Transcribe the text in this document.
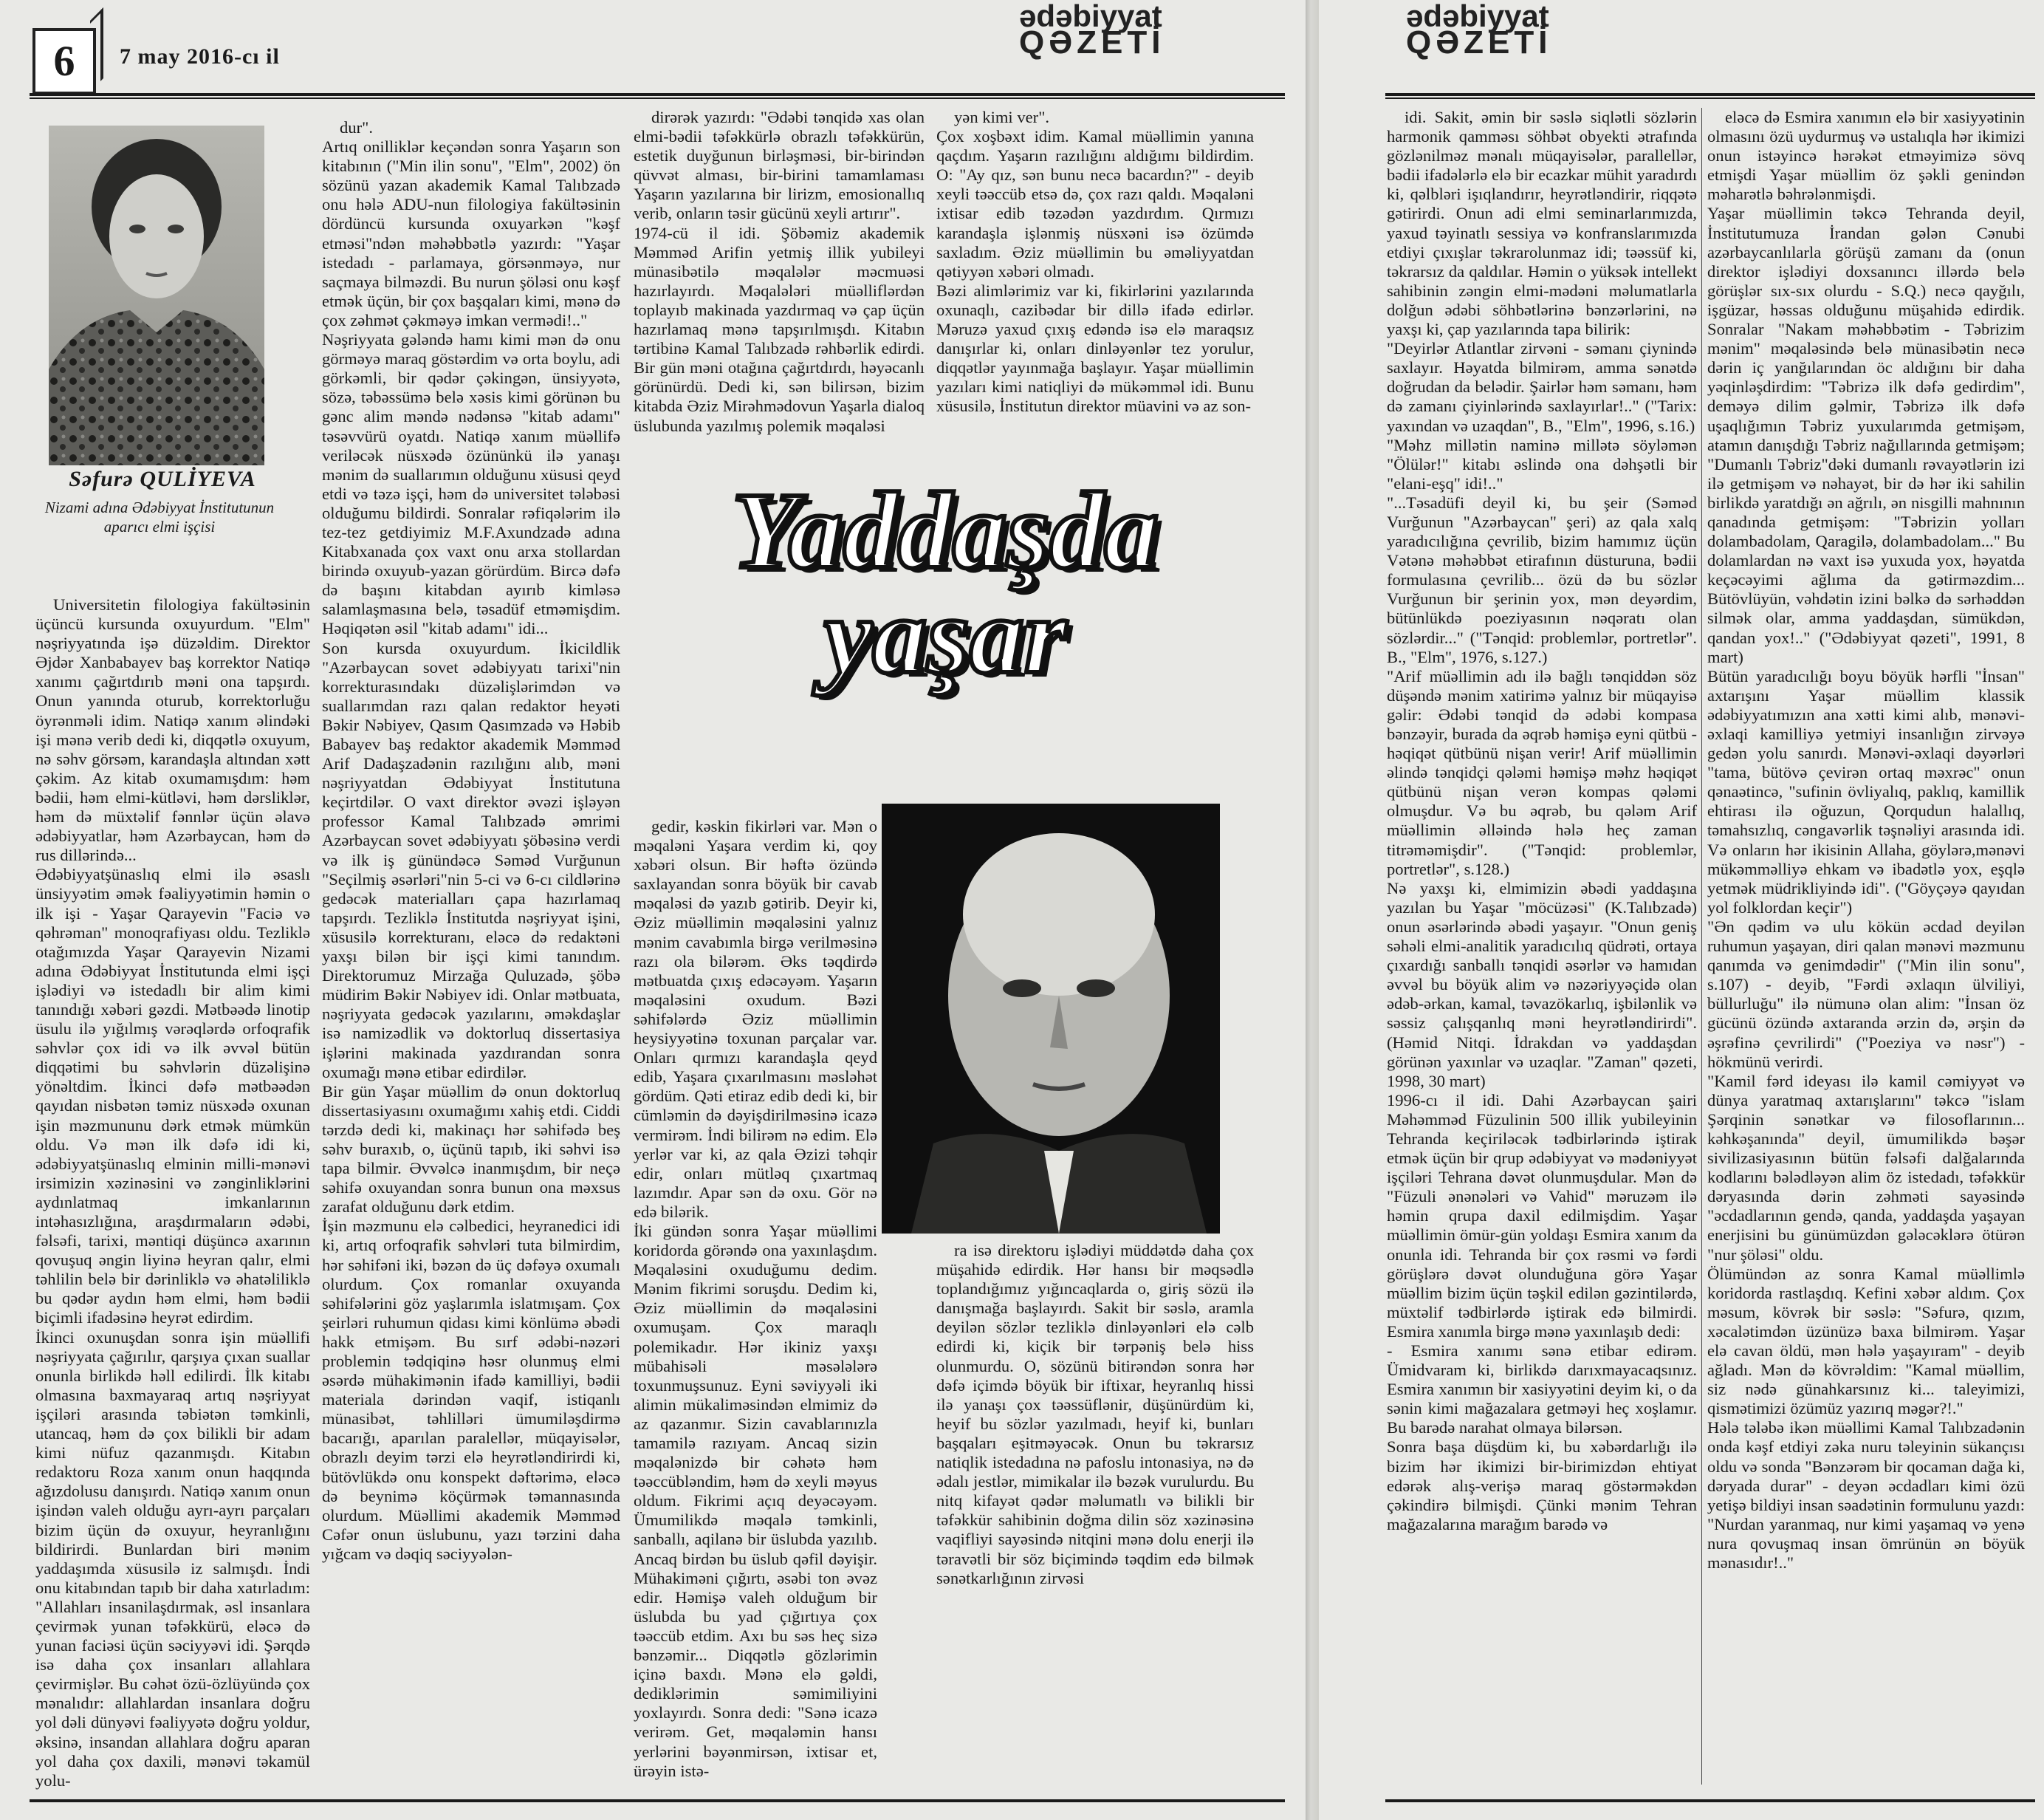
6	7 may 2016-cı il
ədəbiyyat
QƏZETİ
Səfurə QULİYEVA
Nizami adına Ədəbiyyat İnstitutunun
aparıcı elmi işçisi

Universitetin filologiya fakültəsinin üçüncü kursunda oxuyurdum. "Elm" nəşriyyatında işə düzəldim. Direktor Əjdər Xanbabayev baş korrektor Natiqə xanımı çağırtdırıb məni ona tapşırdı. Onun yanında oturub, korrektorluğu öyrənməli idim. Natiqə xanım əlindəki işi mənə verib dedi ki, diqqətlə oxuyum, nə səhv görsəm, karandaşla altından xətt çəkim. Az kitab oxumamışdım: həm bədii, həm elmi-kütləvi, həm dərsliklər, həm də müxtəlif fənnlər üçün əlavə ədəbiyyatlar, həm Azərbaycan, həm də rus dillərində...
Ədəbiyyatşünaslıq elmi ilə əsaslı ünsiyyətim əmək fəaliyyətimin həmin o ilk işi - Yaşar Qarayevin "Faciə və qəhrəman" monoqrafiyası oldu. Tezliklə otağımızda Yaşar Qarayevin Nizami adına Ədəbiyyat İnstitutunda elmi işçi işlədiyi və istedadlı bir alim kimi tanındığı xəbəri gəzdi. Mətbəədə linotip üsulu ilə yığılmış vərəqlərdə orfoqrafik səhvlər çox idi və ilk əvvəl bütün diqqətimi bu səhvlərin düzəlişinə yönəltdim. İkinci dəfə mətbəədən qayıdan nisbətən təmiz nüsxədə oxunan işin məzmununu dərk etmək mümkün oldu. Və mən ilk dəfə idi ki, ədəbiyyatşünaslıq elminin milli-mənəvi irsimizin xəzinəsini və zənginliklərini aydınlatmaq imkanlarının intəhasızlığına, araşdırmaların ədəbi, fəlsəfi, tarixi, məntiqi düşüncə axarının qovuşuq əngin liyinə heyran qalır, elmi təhlilin belə bir dərinliklə və əhatəliliklə bu qədər aydın həm elmi, həm bədii biçimli ifadəsinə heyrət edirdim.
İkinci oxunuşdan sonra işin müəllifi nəşriyyata çağırılır, qarşıya çıxan suallar onunla birlikdə həll edilirdi. İlk kitabı olmasına baxmayaraq artıq nəşriyyat işçiləri arasında təbiətən təmkinli, utancaq, həm də çox bilikli bir adam kimi nüfuz qazanmışdı. Kitabın redaktoru Roza xanım onun haqqında ağızdolusu danışırdı. Natiqə xanım onun işindən valeh olduğu ayrı-ayrı parçaları bizim üçün də oxuyur, heyranlığını bildirirdi. Bunlardan biri mənim yaddaşımda xüsusilə iz salmışdı. İndi onu kitabından tapıb bir daha xatırladım: "Allahları insanilaşdırmak, əsl insanlara çevirmək yunan təfəkkürü, eləcə də yunan faciəsi üçün səciyyəvi idi. Şərqdə isə daha çox insanları allahlara çevirmişlər. Bu cəhət özü-özlüyündə çox mənalıdır: allahlardan insanlara doğru yol dəli dünyəvi fəaliyyətə doğru yoldur, əksinə, insandan allahlara doğru aparan yol daha çox daxili, mənəvi təkamül yolu-

dur".
Artıq onilliklər keçəndən sonra Yaşarın son kitabının ("Min ilin sonu", "Elm", 2002) ön sözünü yazan akademik Kamal Talıbzadə onu hələ ADU-nun filologiya fakültəsinin dördüncü kursunda oxuyarkən "kəşf etməsi"ndən məhəbbətlə yazırdı: "Yaşar istedadı - parlamaya, görsənməyə, nur saçmaya bilməzdi. Bu nurun şöləsi onu kəşf etmək üçün, bir çox başqaları kimi, mənə də çox zəhmət çəkməyə imkan vermədi!.."
Nəşriyyata gələndə hamı kimi mən də onu görməyə maraq göstərdim və orta boylu, adi görkəmli, bir qədər çəkingən, ünsiyyətə, sözə, təbəssümə belə xəsis kimi görünən bu gənc alim məndə nədənsə "kitab adamı" təsəvvürü oyatdı. Natiqə xanım müəllifə veriləcək nüsxədə özününkü ilə yanaşı mənim də suallarımın olduğunu xüsusi qeyd etdi və təzə işçi, həm də universitet tələbəsi olduğumu bildirdi. Sonralar rəfiqələrim ilə tez-tez getdiyimiz M.F.Axundzadə adına Kitabxanada çox vaxt onu arxa stollardan birində oxuyub-yazan görürdüm. Bircə dəfə də başını kitabdan ayırıb kimləsə salamlaşmasına belə, təsadüf etməmişdim. Həqiqətən əsil "kitab adamı" idi...
Son kursda oxuyurdum. İkicildlik "Azərbaycan sovet ədəbiyyatı tarixi"nin korrekturasındakı düzəlişlərimdən və suallarımdan razı qalan redaktor heyəti Bəkir Nəbiyev, Qasım Qasımzadə və Həbib Babayev baş redaktor akademik Məmməd Arif Dadaşzadənin razılığını alıb, məni nəşriyyatdan Ədəbiyyat İnstitutuna keçirtdilər. O vaxt direktor əvəzi işləyən professor Kamal Talıbzadə əmrimi Azərbaycan sovet ədəbiyyatı şöbəsinə verdi və ilk iş günündəcə Səməd Vurğunun "Seçilmiş əsərləri"nin 5-ci və 6-cı cildlərinə gedəcək materialları çapa hazırlamaq tapşırdı. Tezliklə İnstitutda nəşriyyat işini, xüsusilə korrekturanı, eləcə də redaktəni yaxşı bilən bir işçi kimi tanındım. Direktorumuz Mirzağa Quluzadə, şöbə müdirim Bəkir Nəbiyev idi. Onlar mətbuata, nəşriyyata gedəcək yazılarını, əməkdaşlar isə namizədlik və doktorluq dissertasiya işlərini makinada yazdırandan sonra oxumağı mənə etibar edirdilər.
Bir gün Yaşar müəllim də onun doktorluq dissertasiyasını oxumağımı xahiş etdi. Ciddi tərzdə dedi ki, makinaçı hər səhifədə beş səhv buraxıb, o, üçünü tapıb, iki səhvi isə tapa bilmir. Əvvəlcə inanmışdım, bir neçə səhifə oxuyandan sonra bunun ona məxsus zarafat olduğunu dərk etdim.
İşin məzmunu elə cəlbedici, heyranedici idi ki, artıq orfoqrafik səhvləri tuta bilmirdim, hər səhifəni iki, bəzən də üç dəfəyə oxumalı olurdum. Çox romanlar oxuyanda səhifələrini göz yaşlarımla islatmışam. Çox şeirləri ruhumun qidası kimi könlümə əbədi hakk etmişəm. Bu sırf ədəbi-nəzəri problemin tədqiqinə həsr olunmuş elmi əsərdə mühakimənin ifadə kamilliyi, bədii materiala dərindən vaqif, istiqanlı münasibət, təhlilləri ümumiləşdirmə bacarığı, aparılan paralellər, müqayisələr, obrazlı deyim tərzi elə heyrətləndirirdi ki, bütövlükdə onu konspekt dəftərimə, eləcə də beynimə köçürmək təmannasında olurdum. Müəllimi akademik Məmməd Cəfər onun üslubunu, yazı tərzini daha yığcam və dəqiq səciyyələn-

dirərək yazırdı: "Ədəbi tənqidə xas olan elmi-bədii təfəkkürlə obrazlı təfəkkürün, estetik duyğunun birləşməsi, bir-birindən qüvvət alması, bir-birini tamamlaması Yaşarın yazılarına bir lirizm, emosionallıq verib, onların təsir gücünü xeyli artırır".
1974-cü il idi. Şöbəmiz akademik Məmməd Arifin yetmiş illik yubileyi münasibətilə məqalələr məcmuəsi hazırlayırdı. Məqalələri müəlliflərdən toplayıb makinada yazdırmaq və çap üçün hazırlamaq mənə tapşırılmışdı. Kitabın tərtibinə Kamal Talıbzadə rəhbərlik edirdi. Bir gün məni otağına çağırtdırdı, həyəcanlı görünürdü. Dedi ki, sən bilirsən, bizim kitabda Əziz Mirəhmədovun Yaşarla dialoq üslubunda yazılmış polemik məqaləsi

yən kimi ver".
Çox xoşbəxt idim. Kamal müəllimin yanına qaçdım. Yaşarın razılığını aldığımı bildirdim. O: "Ay qız, sən bunu necə bacardın?" - deyib xeyli təəccüb etsə də, çox razı qaldı. Məqaləni ixtisar edib təzədən yazdırdım. Qırmızı karandaşla işlənmiş nüsxəni isə özümdə saxladım. Əziz müəllimin bu əməliyyatdan qətiyyən xəbəri olmadı.
Bəzi alimlərimiz var ki, fikirlərini yazılarında oxunaqlı, cazibədar bir dillə ifadə edirlər. Məruzə yaxud çıxış edəndə isə elə maraqsız danışırlar ki, onları dinləyənlər tez yorulur, diqqətlər yayınmağa başlayır. Yaşar müəllimin yazıları kimi natiqliyi də mükəmməl idi. Bunu xüsusilə, İnstitutun direktor müavini və az son-

Yaddaşda
yaşar

gedir, kəskin fikirləri var. Mən o məqaləni Yaşara verdim ki, qoy xəbəri olsun. Bir həftə özündə saxlayandan sonra böyük bir cavab məqaləsi də yazıb gətirib. Deyir ki, Əziz müəllimin məqaləsini yalnız mənim cavabımla birgə verilməsinə razı ola bilərəm. Əks təqdirdə mətbuatda çıxış edəcəyəm. Yaşarın məqaləsini oxudum. Bəzi səhifələrdə Əziz müəllimin heysiyyətinə toxunan parçalar var. Onları qırmızı karandaşla qeyd edib, Yaşara çıxarılmasını məsləhət gördüm. Qəti etiraz edib dedi ki, bir cümləmin də dəyişdirilməsinə icazə vermirəm. İndi bilirəm nə edim. Elə yerlər var ki, az qala Əzizi təhqir edir, onları mütləq çıxartmaq lazımdır. Apar sən də oxu. Gör nə edə bilərik.
İki gündən sonra Yaşar müəllimi koridorda görəndə ona yaxınlaşdım. Məqaləsini oxuduğumu dedim. Mənim fikrimi soruşdu. Dedim ki, Əziz müəllimin də məqaləsini oxumuşam. Çox maraqlı polemikadır. Hər ikiniz yaxşı mübahisəli məsələlərə toxunmuşsunuz. Eyni səviyyəli iki alimin mükaliməsindən elmimiz də az qazanmır. Sizin cavablarınızla tamamilə razıyam. Ancaq sizin məqalənizdə bir cəhətə həm təəccübləndim, həm də xeyli məyus oldum. Fikrimi açıq deyəcəyəm. Ümumilikdə məqalə təmkinli, sanballı, aqilanə bir üslubda yazılıb. Ancaq birdən bu üslub qəfil dəyişir. Mühakiməni çığırtı, əsəbi ton əvəz edir. Həmişə valeh olduğum bir üslubda bu yad çığırtıya çox təəccüb etdim. Axı bu səs heç sizə bənzəmir... Diqqətlə gözlərimin içinə baxdı. Mənə elə gəldi, dediklərimin səmimiliyini yoxlayırdı. Sonra dedi: "Sənə icazə verirəm. Get, məqaləmin hansı yerlərini bəyənmirsən, ixtisar et, ürəyin istə-

ra isə direktoru işlədiyi müddətdə daha çox müşahidə edirdik. Hər hansı bir məqsədlə toplandığımız yığıncaqlarda o, giriş sözü ilə danışmağa başlayırdı. Sakit bir səslə, aramla deyilən sözlər tezliklə dinləyənləri elə cəlb edirdi ki, kiçik bir tərpəniş belə hiss olunmurdu. O, sözünü bitirəndən sonra hər dəfə içimdə böyük bir iftixar, heyranlıq hissi ilə yanaşı çox təəssüflənir, düşünürdüm ki, heyif bu sözlər yazılmadı, heyif ki, bunları başqaları eşitməyəcək. Onun bu təkrarsız natiqlik istedadına nə pafoslu intonasiya, nə də ədalı jestlər, mimikalar ilə bəzək vurulurdu. Bu nitq kifayət qədər məlumatlı və bilikli bir təfəkkür sahibinin doğma dilin söz xəzinəsinə vaqifliyi sayəsində nitqini mənə dolu enerji ilə təravətli bir söz biçimində təqdim edə bilmək sənətkarlığının zirvəsi

ədəbiyyat
QƏZETİ

idi. Sakit, əmin bir səslə siqlətli sözlərin harmonik qamməsı söhbət obyekti ətrafında gözlənilməz mənalı müqayisələr, parallellər, bədii ifadələrlə elə bir ecazkar mühit yaradırdı ki, qəlbləri işıqlandırır, heyrətləndirir, riqqətə gətirirdi. Onun adi elmi seminarlarımızda, yaxud təyinatlı sessiya və konfranslarımızda etdiyi çıxışlar təkrarolunmaz idi; təəssüf ki, təkrarsız da qaldılar. Həmin o yüksək intellekt sahibinin zəngin elmi-mədəni məlumatlarla dolğun ədəbi söhbətlərinə bənzərlərini, nə yaxşı ki, çap yazılarında tapa bilirik:
"Deyirlər Atlantlar zirvəni - səmanı çiynində saxlayır. Həyatda bilmirəm, amma sənətdə doğrudan da belədir. Şairlər həm səmanı, həm də zamanı çiyinlərində saxlayırlar!.." ("Tarix: yaxından və uzaqdan", B., "Elm", 1996, s.16.)
"Məhz millətin naminə millətə söyləmən "Ölülər!" kitabı əslində ona dəhşətli bir "elani-eşq" idi!.."
"...Təsadüfi deyil ki, bu şeir (Səməd Vurğunun "Azərbaycan" şeri) az qala xalq yaradıcılığına çevrilib, bizim hamımız üçün Vətənə məhəbbət etirafının düsturuna, bədii formulasına çevrilib... özü də bu sözlər Vurğunun bir şerinin yox, mən deyərdim, bütünlükdə poeziyasının nəqəratı olan sözlərdir..." ("Tənqid: problemlər, portretlər". B., "Elm", 1976, s.127.)
"Arif müəllimin adı ilə bağlı tənqiddən söz düşəndə mənim xatirimə yalnız bir müqayisə gəlir: Ədəbi tənqid də ədəbi kompasa bənzəyir, burada da əqrəb həmişə eyni qütbü - həqiqət qütbünü nişan verir! Arif müəllimin əlində tənqidçi qələmi həmişə məhz həqiqət qütbünü nişan verən kompas qələmi olmuşdur. Və bu əqrəb, bu qələm Arif müəllimin əlləində hələ heç zaman titrəməmişdir". ("Tənqid: problemlər, portretlər", s.128.)
Nə yaxşı ki, elmimizin əbədi yaddaşına yazılan bu Yaşar "möcüzəsi" (K.Talıbzadə) onun əsərlərində əbədi yaşayır. "Onun geniş səhəli elmi-analitik yaradıcılıq qüdrəti, ortaya çıxardığı sanballı tənqidi əsərlər və hamıdan əvvəl bu böyük alim və nəzəriyyəçidə olan ədəb-ərkan, kamal, təvazökarlıq, işbilənlik və səssiz çalışqanlıq məni heyrətləndirirdi". (Həmid Nitqi. İdrakdan və yaddaşdan görünən yaxınlar və uzaqlar. "Zaman" qəzeti, 1998, 30 mart)
1996-cı il idi. Dahi Azərbaycan şairi Məhəmməd Füzulinin 500 illik yubileyinin Tehranda keçiriləcək tədbirlərində iştirak etmək üçün bir qrup ədəbiyyat və mədəniyyət işçiləri Tehrana dəvət olunmuşdular. Mən də "Füzuli ənənələri və Vahid" məruzəm ilə həmin qrupa daxil edilmişdim. Yaşar müəllimin ömür-gün yoldaşı Esmira xanım da onunla idi. Tehranda bir çox rəsmi və fərdi görüşlərə dəvət olunduğuna görə Yaşar müəllim bizim üçün təşkil edilən gəzintilərdə, müxtəlif tədbirlərdə iştirak edə bilmirdi. Esmira xanımla birgə mənə yaxınlaşıb dedi:
- Esmira xanımı sənə etibar edirəm. Ümidvaram ki, birlikdə darıxmayacaqsınız. Esmira xanımın bir xasiyyətini deyim ki, o da sənin kimi mağazalara getməyi heç xoşlamır. Bu barədə narahat olmaya bilərsən.
Sonra başa düşdüm ki, bu xəbərdarlığı ilə bizim hər ikimizi bir-birimizdən ehtiyat edərək alış-verişə maraq göstərməkdən çəkindirə bilmişdi. Çünki mənim Tehran mağazalarına marağım barədə və

eləcə də Esmira xanımın elə bir xasiyyətinin olmasını özü uydurmuş və ustalıqla hər ikimizi onun istəyincə hərəkət etməyimizə sövq etmişdi Yaşar müəllim öz şəkli genindən məharətlə bəhrələnmişdi.
Yaşar müəllimin təkcə Tehranda deyil, İnstitutumuza İrandan gələn Cənubi azərbaycanlılarla görüşü zamanı da (onun direktor işlədiyi doxsanıncı illərdə belə görüşlər sıx-sıx olurdu - S.Q.) necə qayğılı, işgüzar, həssas olduğunu müşahidə edirdik. Sonralar "Nakam məhəbbətim - Təbrizim mənim" məqaləsində belə münasibətin necə dərin iç yanğılarından öc aldığını bir daha yəqinləşdirdim: "Təbrizə ilk dəfə gedirdim", deməyə dilim gəlmir, Təbrizə ilk dəfə uşaqlığımın Təbriz yuxularımda getmişəm, atamın danışdığı Təbriz nağıllarında getmişəm; "Dumanlı Təbriz"dəki dumanlı rəvayətlərin izi ilə getmişəm və nəhayət, bir də hər iki sahilin birlikdə yaratdığı ən ağrılı, ən nisgilli mahnının qanadında getmişəm: "Təbrizin yolları dolambadolam, Qaragilə, dolambadolam..." Bu dolamlardan nə vaxt isə yuxuda yox, həyatda keçəcəyimi ağlıma da gətirməzdim... Bütövlüyün, vəhdətin izini bəlkə də sərhəddən silmək olar, amma yaddaşdan, sümükdən, qandan yox!.." ("Ədəbiyyat qəzeti", 1991, 8 mart)
Bütün yaradıcılığı boyu böyük hərfli "İnsan" axtarışını Yaşar müəllim klassik ədəbiyyatımızın ana xətti kimi alıb, mənəvi-əxlaqi kamilliyə yetmiyi insanlığın zirvəyə gedən yolu sanırdı. Mənəvi-əxlaqi dəyərləri "tama, bütövə çevirən ortaq məxrəc" onun qənaətincə, "sufinin övliyalıq, paklıq, kamillik ehtirası ilə oğuzun, Qorqudun halallıq, təmahsızlıq, cəngavərlik təşnəliyi arasında idi. Və onların hər ikisinin Allaha, göylərə,mənəvi mükəmməlliyə ehkam və ibadətlə yox, eşqlə yetmək müdrikliyində idi". ("Göyçəyə qayıdan yol folklordan keçir")
"Ən qədim və ulu kökün əcdad deyilən ruhumun yaşayan, diri qalan mənəvi məzmunu qanımda və genimdədir" ("Min ilin sonu", s.107) - deyib, "Fərdi əxlaqın ülviliyi, büllurluğu" ilə nümunə olan alim: "İnsan öz gücünü özündə axtaranda ərzin də, ərşin də əşrəfinə çevrilirdi" ("Poeziya və nəsr") - hökmünü verirdi.
"Kamil fərd ideyası ilə kamil cəmiyyət və dünya yaratmaq axtarışlarını" təkcə "islam Şərqinin sənətkar və filosoflarının... kəhkəşanında" deyil, ümumilikdə bəşər sivilizasiyasının bütün fəlsəfi dalğalarında kodlarını bələdləyən alim öz istedadı, təfəkkür dəryasında dərin zəhməti sayəsində "əcdadlarının gendə, qanda, yaddaşda yaşayan enerjisini bu günümüzdən gələcəklərə ötürən "nur şöləsi" oldu.
Ölümündən az sonra Kamal müəllimlə koridorda rastlaşdıq. Kefini xəbər aldım. Çox məsum, kövrək bir səslə: "Səfurə, qızım, xəcalətimdən üzünüzə baxa bilmirəm. Yaşar elə cavan öldü, mən hələ yaşayıram" - deyib ağladı. Mən də kövrəldim: "Kamal müəllim, siz nədə günahkarsınız ki... taleyimizi, qismətimizi özümüz yazırıq məgər?!."
Hələ tələbə ikən müəllimi Kamal Talıbzadənin onda kəşf etdiyi zəka nuru təleyinin sükançısı oldu və sonda "Bənzərəm bir qocaman dağa ki, dəryada durar" - deyən əcdadları kimi özü yetişə bildiyi insan səadətinin formulunu yazdı: "Nurdan yaranmaq, nur kimi yaşamaq və yenə nura qovuşmaq insan ömrünün ən böyük mənasıdır!.."
